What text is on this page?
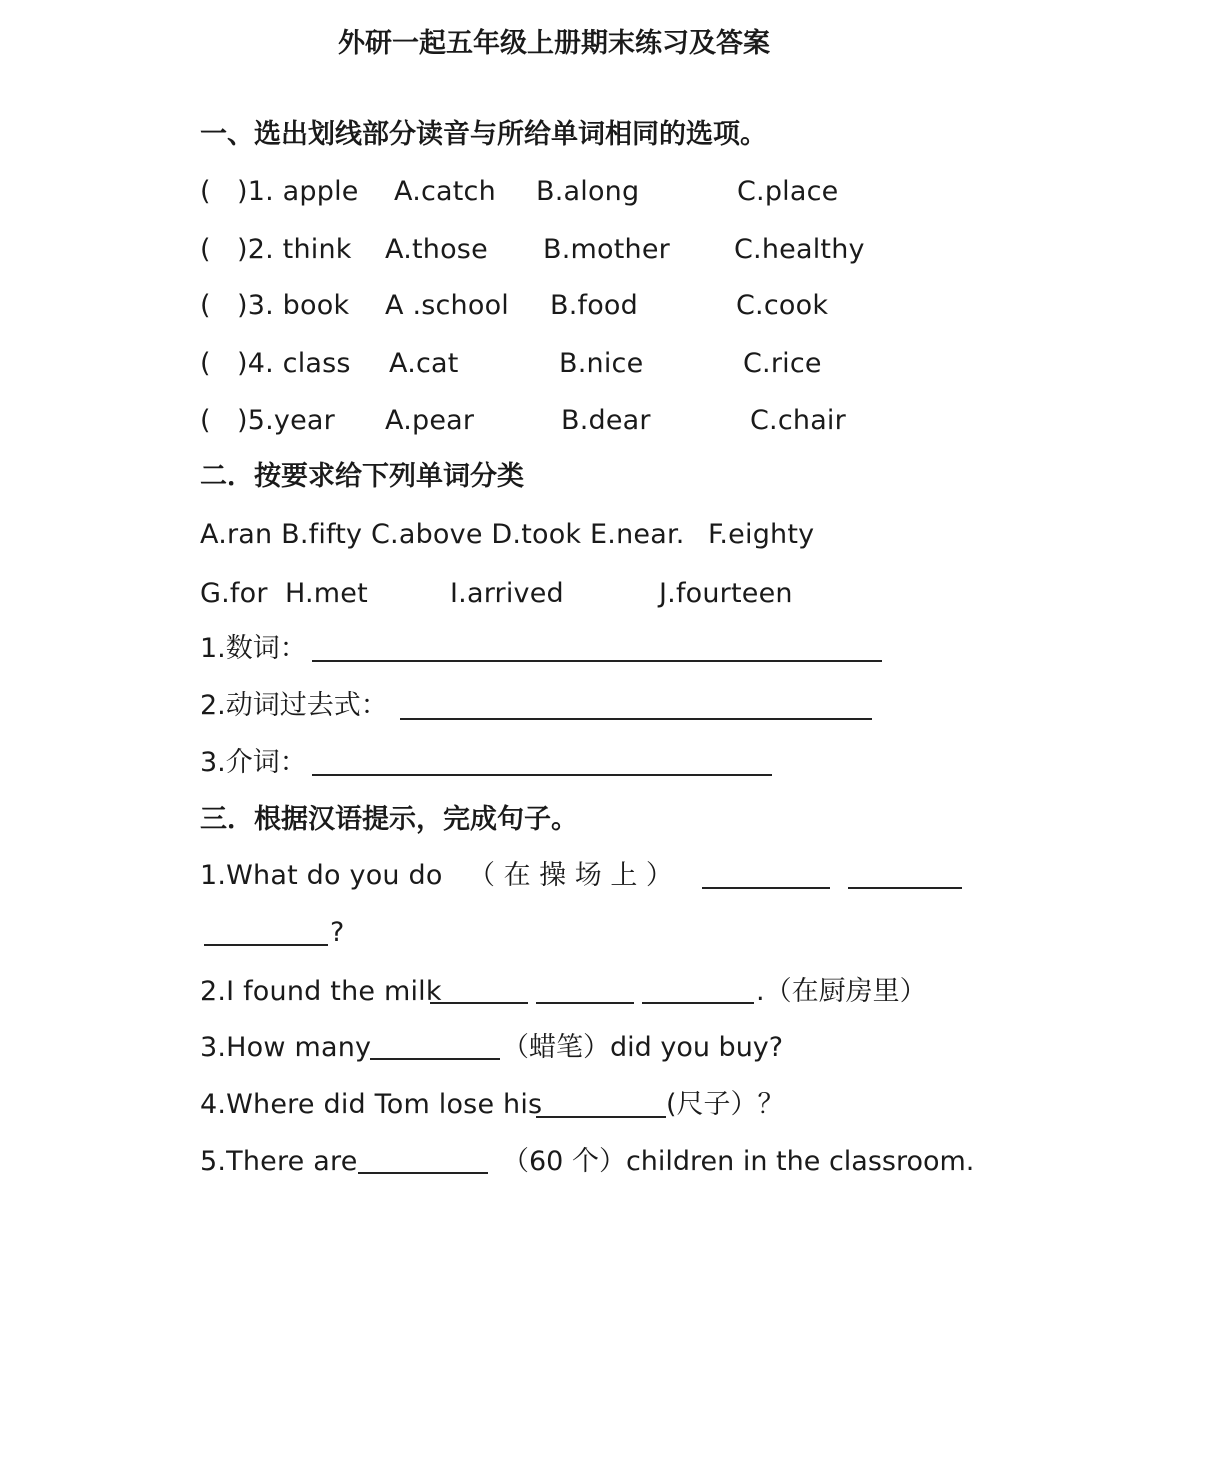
外研一起五年级上册期末练习及答案
一、选出划线部分读音与所给单词相同的选项。
( )1. apple A.catch B.along	C.place
( )2. think A.those B.mother C.healthy
( )3. book A .school B.food	C.cook
( )4. class A.cat	B.nice	C.rice
( )5.year A.pear	B.dear	C.chair
二．按要求给下列单词分类
A.ran B.fifty C.above D.took E.near. F.eighty
G.for H.met	I.arrived	J.fourteen
1.数词：
2.动词过去式：
3.介词：
三．根据汉语提示，完成句子。
1.What do you do （ 在 操 场 上 ）
?
2.I found the milk	.（在厨房里）
3.How many	（蜡笔）did you buy?
4.Where did Tom lose his	(尺子）？
5.There are	（60 个）children in the classroom.
